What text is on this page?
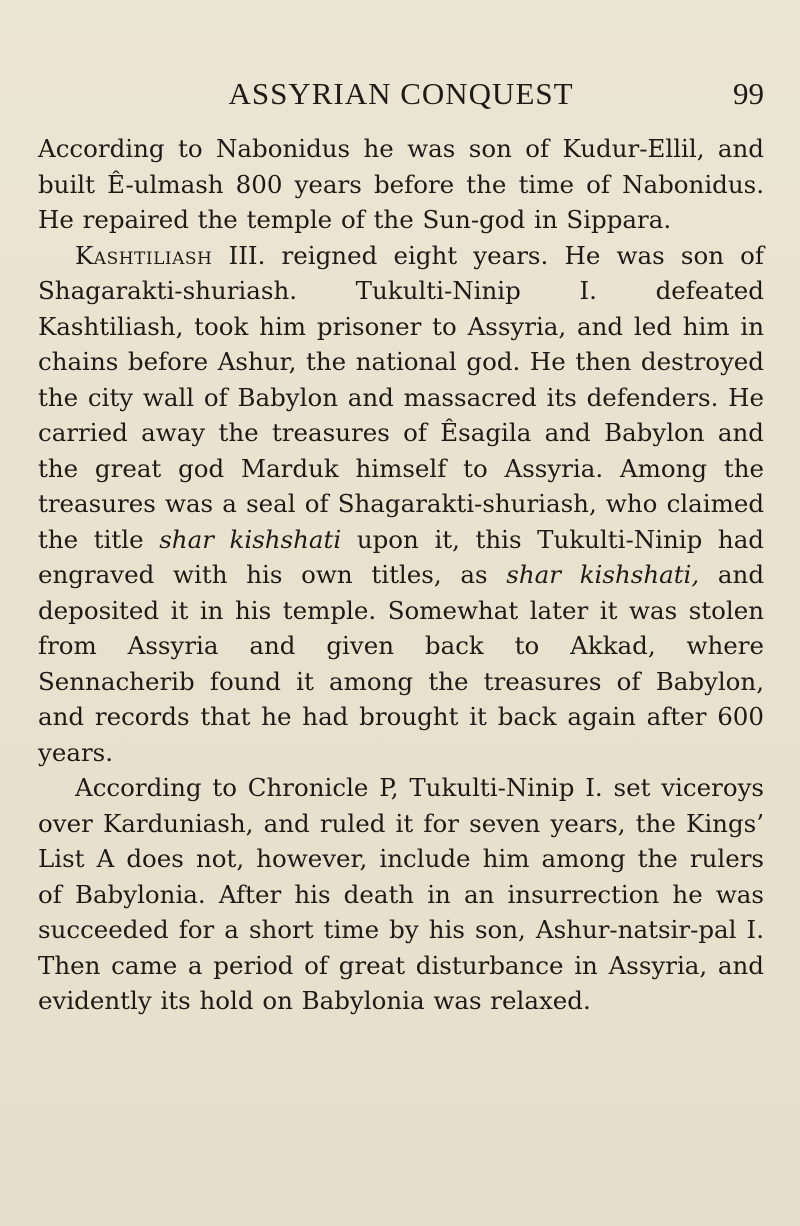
ASSYRIAN CONQUEST	99

According to Nabonidus he was son of Kudur-Ellil, and built Ê-ulmash 800 years before the time of Nabonidus. He repaired the temple of the Sun-god in Sippara.

Kashtiliash III. reigned eight years. He was son of Shagarakti-shuriash. Tukulti-Ninip I. defeated Kashtiliash, took him prisoner to Assyria, and led him in chains before Ashur, the national god. He then destroyed the city wall of Babylon and massacred its defenders. He carried away the treasures of Êsagila and Babylon and the great god Marduk himself to Assyria. Among the treasures was a seal of Shagarakti-shuriash, who claimed the title shar kishshati upon it, this Tukulti-Ninip had engraved with his own titles, as shar kishshati, and deposited it in his temple. Somewhat later it was stolen from Assyria and given back to Akkad, where Sennacherib found it among the treasures of Babylon, and records that he had brought it back again after 600 years.

According to Chronicle P, Tukulti-Ninip I. set viceroys over Karduniash, and ruled it for seven years, the Kings’ List A does not, however, include him among the rulers of Babylonia. After his death in an insurrection he was succeeded for a short time by his son, Ashur-natsir-pal I. Then came a period of great disturbance in Assyria, and evidently its hold on Babylonia was relaxed.
